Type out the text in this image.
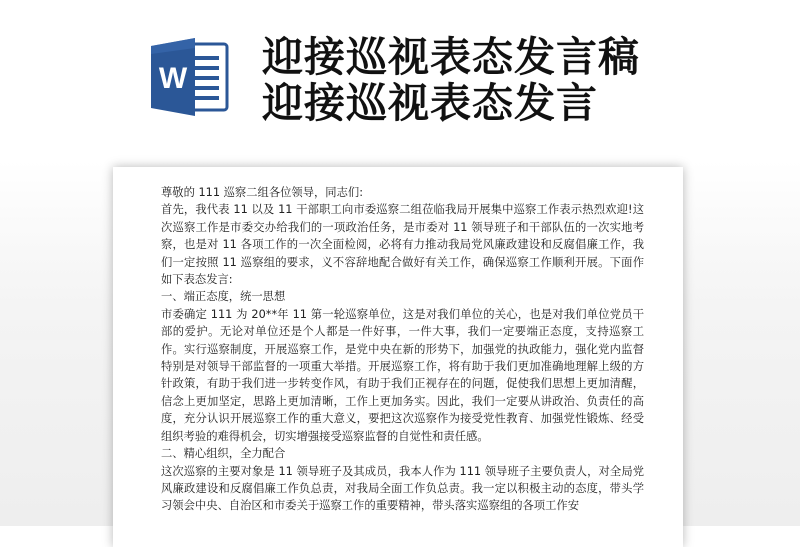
W 迎接巡视表态发言稿
迎接巡视表态发言

尊敬的 111 巡察二组各位领导，同志们:

首先，我代表 11 以及 11 干部职工向市委巡察二组莅临我局开展集中巡察工作表示热烈欢迎!这次巡察工作是市委交办给我们的一项政治任务，是市委对 11 领导班子和干部队伍的一次实地考察，也是对 11 各项工作的一次全面检阅，必将有力推动我局党风廉政建设和反腐倡廉工作，我们一定按照 11 巡察组的要求，义不容辞地配合做好有关工作，确保巡察工作顺利开展。下面作如下表态发言:

一、端正态度，统一思想

市委确定 111 为 20**年 11 第一轮巡察单位，这是对我们单位的关心，也是对我们单位党员干部的爱护。无论对单位还是个人都是一件好事，一件大事，我们一定要端正态度，支持巡察工作。实行巡察制度，开展巡察工作，是党中央在新的形势下，加强党的执政能力，强化党内监督特别是对领导干部监督的一项重大举措。开展巡察工作，将有助于我们更加准确地理解上级的方针政策，有助于我们进一步转变作风，有助于我们正视存在的问题，促使我们思想上更加清醒，信念上更加坚定，思路上更加清晰，工作上更加务实。因此，我们一定要从讲政治、负责任的高度，充分认识开展巡察工作的重大意义，要把这次巡察作为接受党性教育、加强党性锻炼、经受组织考验的难得机会，切实增强接受巡察监督的自觉性和责任感。

二、精心组织，全力配合

这次巡察的主要对象是 11 领导班子及其成员，我本人作为 111 领导班子主要负责人，对全局党风廉政建设和反腐倡廉工作负总责，对我局全面工作负总责。我一定以积极主动的态度，带头学习领会中央、自治区和市委关于巡察工作的重要精神，带头落实巡察组的各项工作安
